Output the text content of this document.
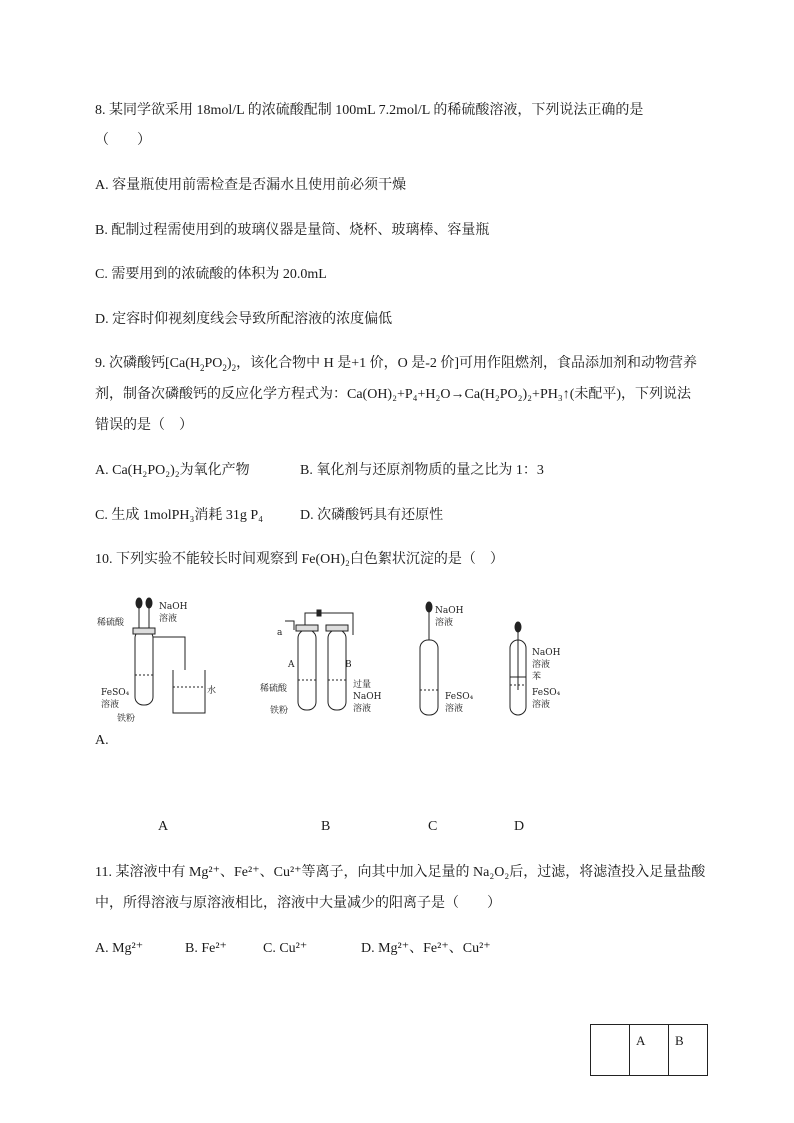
8. 某同学欲采用 18mol/L 的浓硫酸配制 100mL 7.2mol/L 的稀硫酸溶液，下列说法正确的是
（　　）
A. 容量瓶使用前需检查是否漏水且使用前必须干燥
B. 配制过程需使用到的玻璃仪器是量筒、烧杯、玻璃棒、容量瓶
C. 需要用到的浓硫酸的体积为 20.0mL
D. 定容时仰视刻度线会导致所配溶液的浓度偏低
9. 次磷酸钙[$Ca(H_2PO_2)_2$，该化合物中 H 是+1 价，O 是-2 价]可用作阻燃剂，食品添加剂和动物营养
剂，制备次磷酸钙的反应化学方程式为：Ca(OH)₂+P₄+H₂O→Ca(H₂PO₂)₂+PH₃↑(未配平)，下列说法
错误的是（　）
A. Ca(H₂PO₂)₂为氧化产物	B. 氧化剂与还原剂物质的量之比为 1：3
C. 生成 1molPH₃消耗 31g P₄	D. 次磷酸钙具有还原性
10. 下列实验不能较长时间观察到 Fe(OH)₂白色絮状沉淀的是（　）
稀硫酸
NaOH
溶液
水
FeSO₄
溶液
铁粉
a
A	B
稀硫酸
铁粉
过量
NaOH
溶液
NaOH
溶液
FeSO₄
溶液
NaOH
溶液
苯
FeSO₄
溶液
A.
A	B	C	D
11. 某溶液中有 Mg²⁺、Fe²⁺、Cu²⁺等离子，向其中加入足量的 Na₂O₂后，过滤，将滤渣投入足量盐酸
中，所得溶液与原溶液相比，溶液中大量减少的阳离子是（　　）
A. Mg²⁺	B. Fe²⁺	C. Cu²⁺	D. Mg²⁺、Fe²⁺、Cu²⁺
	A	B
